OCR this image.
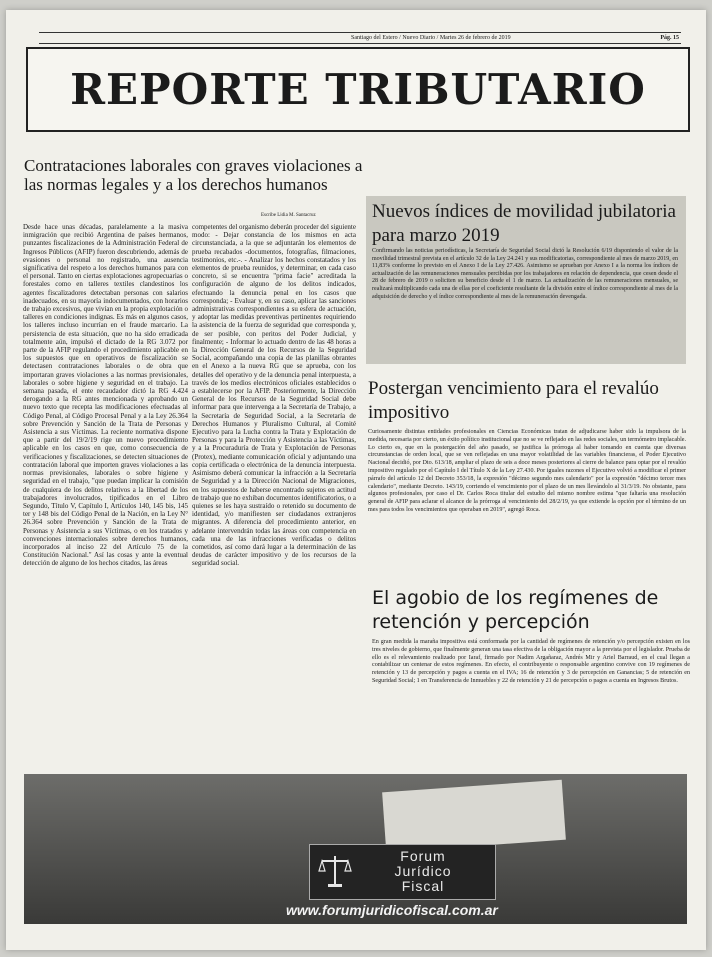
Santiago del Estero / Nuevo Diario / Martes 26 de febrero de 2019	Pág. 15
REPORTE TRIBUTARIO
Contrataciones laborales con graves violaciones a las normas legales y a los derechos humanos
Escribe Lidia M. Santacruz

Desde hace unas décadas, paralelamente a la masiva inmigración que recibió Argentina de países hermanos, punzantes fiscalizaciones de la Administración Federal de Ingresos Públicos (AFIP) fueron descubriendo, además de evasiones o personal no registrado, una ausencia significativa del respeto a los derechos humanos para con el personal. Tanto en ciertas explotaciones agropecuarias o forestales como en talleres textiles clandestinos los agentes fiscalizadores detectaban personas con salarios inadecuados, en su mayoría indocumentados, con horarios de trabajo excesivos, que vivían en la propia explotación o talleres en condiciones indignas. Es más en algunos casos, los talleres incluso incurrían en el fraude marcario. La persistencia de esta situación, que no ha sido erradicada totalmente aún, impulsó el dictado de la RG 3.072 por parte de la AFIP regulando el procedimiento aplicable en los supuestos que en operativos de fiscalización se detectasen contrataciones laborales o de obra que importaran graves violaciones a las normas previsionales, laborales o sobre higiene y seguridad en el trabajo. La semana pasada, el ente recaudador dictó la RG 4.424 derogando a la RG antes mencionada y aprobando un nuevo texto que recepta las modificaciones efectuadas al Código Penal, al Código Procesal Penal y a la Ley 26.364 sobre Prevención y Sanción de la Trata de Personas y Asistencia a sus Víctimas. La reciente normativa dispone que a partir del 19/2/19 rige un nuevo procedimiento aplicable en los casos en que, como consecuencia de verificaciones y fiscalizaciones, se detecten situaciones de contratación laboral que importen graves violaciones a las normas previsionales, laborales o sobre higiene y seguridad en el trabajo, "que puedan implicar la comisión de cualquiera de los delitos relativos a la libertad de los trabajadores involucrados, tipificados en el Libro Segundo, Título V, Capítulo I, Artículos 140, 145 bis, 145 ter y 148 bis del Código Penal de la Nación, en la Ley N° 26.364 sobre Prevención y Sanción de la Trata de Personas y Asistencia a sus Víctimas, o en los tratados y convenciones internacionales sobre derechos humanos, incorporados al inciso 22 del Artículo 75 de la Constitución Nacional." Así las cosas y ante la eventual detección de alguno de los hechos citados, las áreas

competentes del organismo deberán proceder del siguiente modo: - Dejar constancia de los mismos en acta circunstanciada, a la que se adjuntarán los elementos de prueba recabados -documentos, fotografías, filmaciones, testimonios, etc.-. - Analizar los hechos constatados y los elementos de prueba reunidos, y determinar, en cada caso concreto, si se encuentra "prima facie" acreditada la configuración de alguno de los delitos indicados, efectuando la denuncia penal en los casos que corresponda; - Evaluar y, en su caso, aplicar las sanciones administrativas correspondientes a su esfera de actuación, y adoptar las medidas preventivas pertinentes requiriendo la asistencia de la fuerza de seguridad que corresponda y, de ser posible, con peritos del Poder Judicial, y finalmente; - Informar lo actuado dentro de las 48 horas a la Dirección General de los Recursos de la Seguridad Social, acompañando una copia de las planillas obrantes en el Anexo a la nueva RG que se aprueba, con los detalles del operativo y de la denuncia penal interpuesta, a través de los medios electrónicos oficiales establecidos o a establecerse por la AFIP. Posteriormente, la Dirección General de los Recursos de la Seguridad Social debe informar para que intervenga a la Secretaría de Trabajo, a la Secretaría de Seguridad Social, a la Secretaría de Derechos Humanos y Pluralismo Cultural, al Comité Ejecutivo para la Lucha contra la Trata y Explotación de Personas y para la Protección y Asistencia a las Víctimas, y a la Procuraduría de Trata y Explotación de Personas (Protex), mediante comunicación oficial y adjuntando una copia certificada o electrónica de la denuncia interpuesta. Asimismo deberá comunicar la infracción a la Secretaría de Seguridad y a la Dirección Nacional de Migraciones, en los supuestos de haberse encontrado sujetos en actitud de trabajo que no exhiban documentos identificatorios, o a quienes se les haya sustraído o retenido su documento de identidad, y/o manifiesten ser ciudadanos extranjeros migrantes. A diferencia del procedimiento anterior, en adelante intervendrán todas las áreas con competencia en cada una de las infracciones verificadas o delitos cometidos, así como dará lugar a la determinación de las deudas de carácter impositivo y de los recursos de la seguridad social.

Nuevos índices de movilidad jubilatoria para marzo 2019
Confirmando las noticias periodísticas, la Secretaría de Seguridad Social dictó la Resolución 6/19 disponiendo el valor de la movilidad trimestral prevista en el artículo 32 de la Ley 24.241 y sus modificatorias, correspondiente al mes de marzo 2019, en 11,83% conforme lo previsto en el Anexo I de la Ley 27.426. Asimismo se aprueban por Anexo I a la norma los índices de actualización de las remuneraciones mensuales percibidas por los trabajadores en relación de dependencia, que cesen desde el 28 de febrero de 2019 o soliciten su beneficio desde el 1 de marzo. La actualización de las remuneraciones mensuales, se realizará multiplicando cada una de ellas por el coeficiente resultante de la división entre el índice correspondiente al mes de la adquisición de derecho y el índice correspondiente al mes de la remuneración devengada.
Postergan vencimiento para el revalúo impositivo
Curiosamente distintas entidades profesionales en Ciencias Económicas tratan de adjudicarse haber sido la impulsora de la medida, necesaria por cierto, un éxito político institucional que no se ve reflejado en las redes sociales, un termómetro implacable. Lo cierto es, que en la postergación del año pasado, se justifica la prórroga al haber tomando en cuenta que diversas circunstancias de orden local, que se ven reflejadas en una mayor volatilidad de las variables financieras, el Poder Ejecutivo Nacional decidió, por Dto. 613/18, ampliar el plazo de seis a doce meses posteriores al cierre de balance para optar por el revalúo impositivo regulado por el Capítulo I del Título X de la Ley 27.430. Por iguales razones el Ejecutivo volvió a modificar el primer párrafo del artículo 12 del Decreto 353/18, la expresión "décimo segundo mes calendario" por la expresión "décimo tercer mes calendario", mediante Decreto. 143/19, corriendo el vencimiento por el plazo de un mes llevándolo al 31/3/19. No obstante, para algunos profesionales, por caso el Dr. Carlos Roca titular del estudio del mismo nombre estima "que faltaría una resolución general de AFIP para aclarar el alcance de la prórroga al vencimiento del 28/2/19, ya que extiende la opción por el término de un mes para todos los vencimientos que operaban en 2019", agregó Roca.
El agobio de los regímenes de retención y percepción
En gran medida la maraña impositiva está conformada por la cantidad de regímenes de retención y/o percepción existen en los tres niveles de gobierno, que finalmente generan una tasa efectiva de la obligación mayor a la prevista por el legislador. Prueba de ello es el relevamiento realizado por Iaraf, firmado por Nadim Argañaraz, Andrés Mir y Ariel Barraud, en el cual llegan a contabilizar un centenar de estos regímenes. En efecto, el contribuyente o responsable argentino convive con 19 regímenes de retención y 13 de percepción y pagos a cuenta en el IVA; 16 de retención y 3 de percepción en Ganancias; 5 de retención en Seguridad Social; 1 en Transferencia de Inmuebles y 22 de retención y 21 de percepción o pagos a cuenta en Ingresos Brutos.
Forum
Jurídico
Fiscal
www.forumjuridicofiscal.com.ar
